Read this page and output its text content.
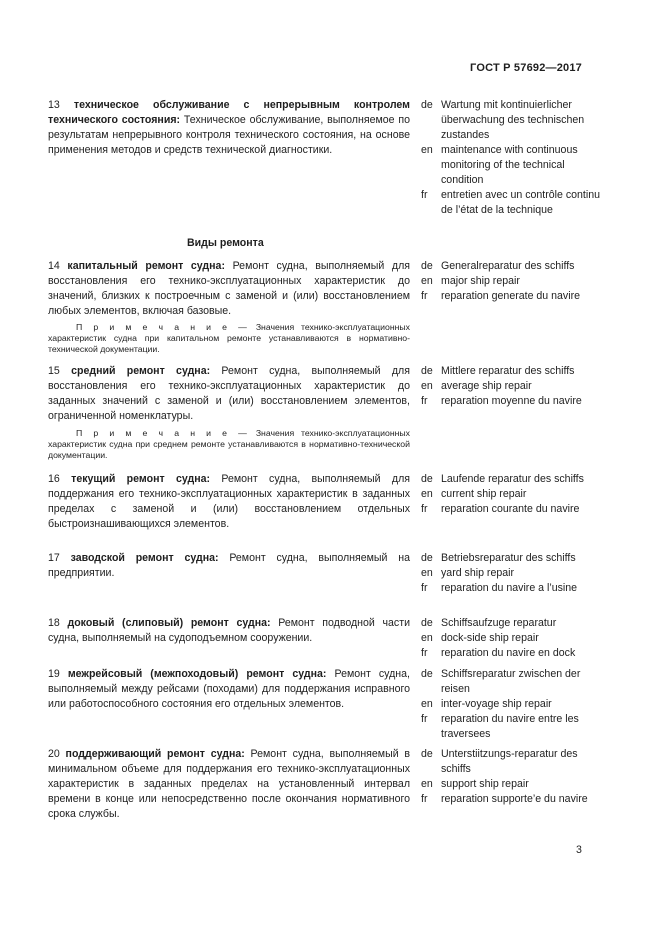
ГОСТ Р 57692—2017
13 техническое обслуживание с непрерывным контролем технического состояния: Техническое обслуживание, выполняемое по результатам непрерывного контроля технического состояния, на основе применения методов и средств технической диагностики.
de Wartung mit kontinuierlicher überwachung des technischen zustandes
en maintenance with continuous monitoring of the technical condition
fr	entretien avec un contrôle continu de l’état de la technique
Виды ремонта
14 капитальный ремонт судна: Ремонт судна, выполняемый для восстановления его технико-эксплуатационных характеристик до значений, близких к построечным с заменой и (или) восстановлением любых элементов, включая базовые.
П р и м е ч а н и е — Значения технико-эксплуатационных характеристик судна при капитальном ремонте устанавливаются в нормативно-технической документации.
de Generalreparatur des schiffs
en major ship repair
fr	reparation generate du navire
15 средний ремонт судна: Ремонт судна, выполняемый для восстановления его технико-эксплуатационных характеристик до заданных значений с заменой и (или) восстановлением элементов, ограниченной номенклатуры.
П р и м е ч а н и е — Значения технико-эксплуатационных характеристик судна при среднем ремонте устанавливаются в нормативно-технической документации.
de Mittlere reparatur des schiffs
en average ship repair
fr	reparation moyenne du navire
16 текущий ремонт судна: Ремонт судна, выполняемый для поддержания его технико-эксплуатационных характеристик в заданных пределах с заменой и (или) восстановлением отдельных быстроизнашивающихся элементов.
de Laufende reparatur des schiffs
en current ship repair
fr	reparation courante du navire
17 заводской ремонт судна: Ремонт судна, выполняемый на предприятии.
de Betriebsreparatur des schiffs
en yard ship repair
fr	reparation du navire a l’usine
18 доковый (слиповый) ремонт судна: Ремонт подводной части судна, выполняемый на судоподъемном сооружении.
de Schiffsaufzuge reparatur
en dock-side ship repair
fr	reparation du navire en dock
19 межрейсовый (межпоходовый) ремонт судна: Ремонт судна, выполняемый между рейсами (походами) для поддержания исправного или работоспособного состояния его отдельных элементов.
de Schiffsreparatur zwischen der reisen
en inter-voyage ship repair
fr	reparation du navire entre les traversees
20 поддерживающий ремонт судна: Ремонт судна, выполняемый в минимальном объеме для поддержания его технико-эксплуатационных характеристик в заданных пределах на установленный интервал времени в конце или непосредственно после окончания нормативного срока службы.
de Unterstiitzungs-reparatur des schiffs
en support ship repair
fr	reparation supporte’e du navire
3
